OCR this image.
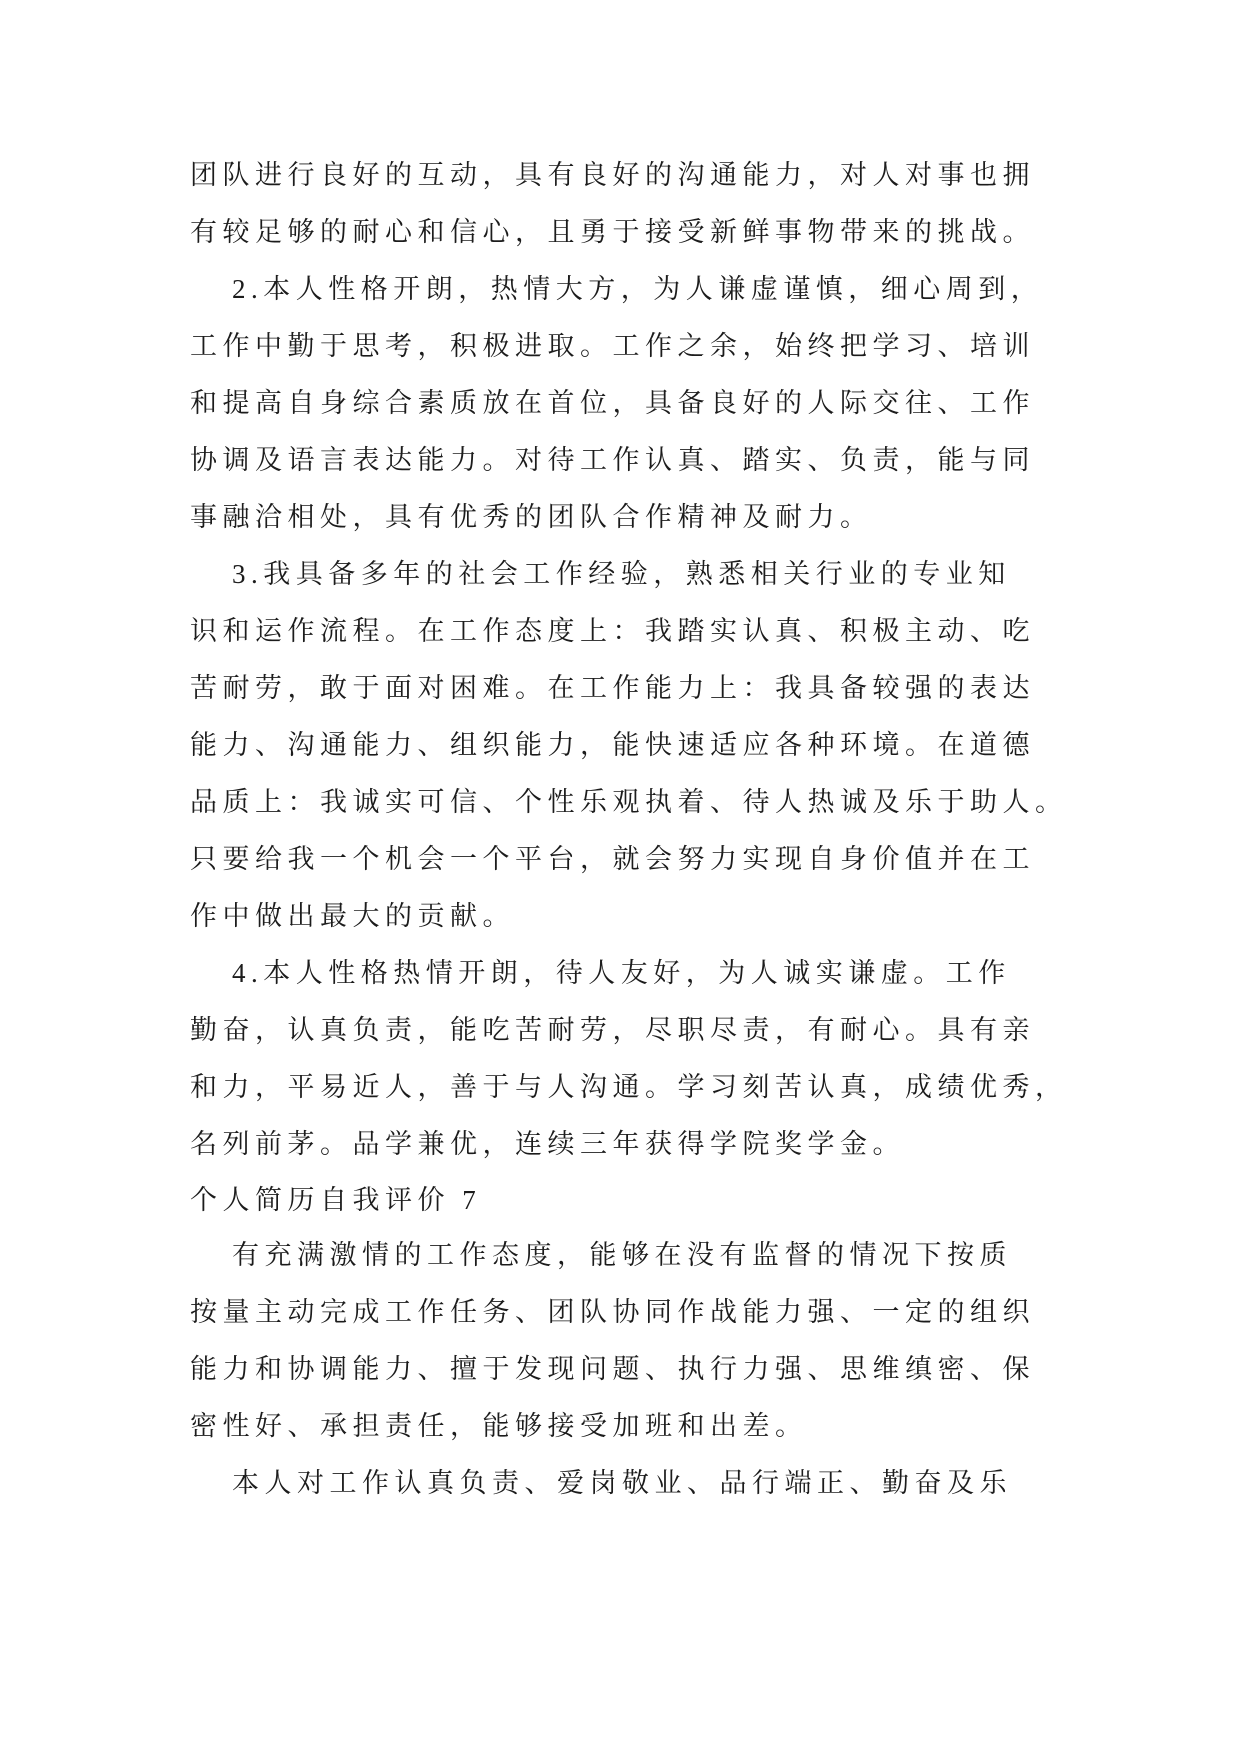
团队进行良好的互动，具有良好的沟通能力，对人对事也拥
有较足够的耐心和信心，且勇于接受新鲜事物带来的挑战。
2.本人性格开朗，热情大方，为人谦虚谨慎，细心周到，
工作中勤于思考，积极进取。工作之余，始终把学习、培训
和提高自身综合素质放在首位，具备良好的人际交往、工作
协调及语言表达能力。对待工作认真、踏实、负责，能与同
事融洽相处，具有优秀的团队合作精神及耐力。
3.我具备多年的社会工作经验，熟悉相关行业的专业知
识和运作流程。在工作态度上：我踏实认真、积极主动、吃
苦耐劳，敢于面对困难。在工作能力上：我具备较强的表达
能力、沟通能力、组织能力，能快速适应各种环境。在道德
品质上：我诚实可信、个性乐观执着、待人热诚及乐于助人。
只要给我一个机会一个平台，就会努力实现自身价值并在工
作中做出最大的贡献。
4.本人性格热情开朗，待人友好，为人诚实谦虚。工作
勤奋，认真负责，能吃苦耐劳，尽职尽责，有耐心。具有亲
和力，平易近人，善于与人沟通。学习刻苦认真，成绩优秀，
名列前茅。品学兼优，连续三年获得学院奖学金。
个人简历自我评价 7
有充满激情的工作态度，能够在没有监督的情况下按质
按量主动完成工作任务、团队协同作战能力强、一定的组织
能力和协调能力、擅于发现问题、执行力强、思维缜密、保
密性好、承担责任，能够接受加班和出差。
本人对工作认真负责、爱岗敬业、品行端正、勤奋及乐
